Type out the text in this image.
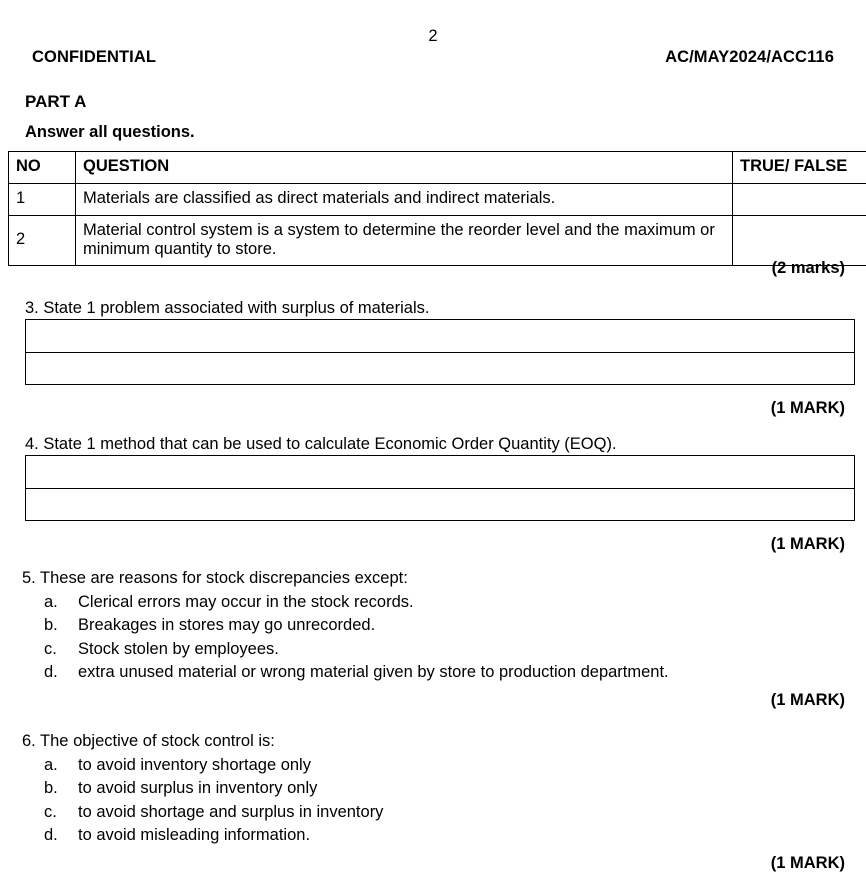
2
CONFIDENTIAL	AC/MAY2024/ACC116
PART A
Answer all questions.
NO	QUESTION	TRUE/ FALSE
1	Materials are classified as direct materials and indirect materials.	
2	Material control system is a system to determine the reorder level and the maximum or minimum quantity to store.	
(2 marks)
3. State 1 problem associated with surplus of materials.
(1 MARK)
4. State 1 method that can be used to calculate Economic Order Quantity (EOQ).
(1 MARK)
5. These are reasons for stock discrepancies except:
a.	Clerical errors may occur in the stock records.
b.	Breakages in stores may go unrecorded.
c.	Stock stolen by employees.
d.	extra unused material or wrong material given by store to production department.
(1 MARK)
6. The objective of stock control is:
a.	to avoid inventory shortage only
b.	to avoid surplus in inventory only
c.	to avoid shortage and surplus in inventory
d.	to avoid misleading information.
(1 MARK)
